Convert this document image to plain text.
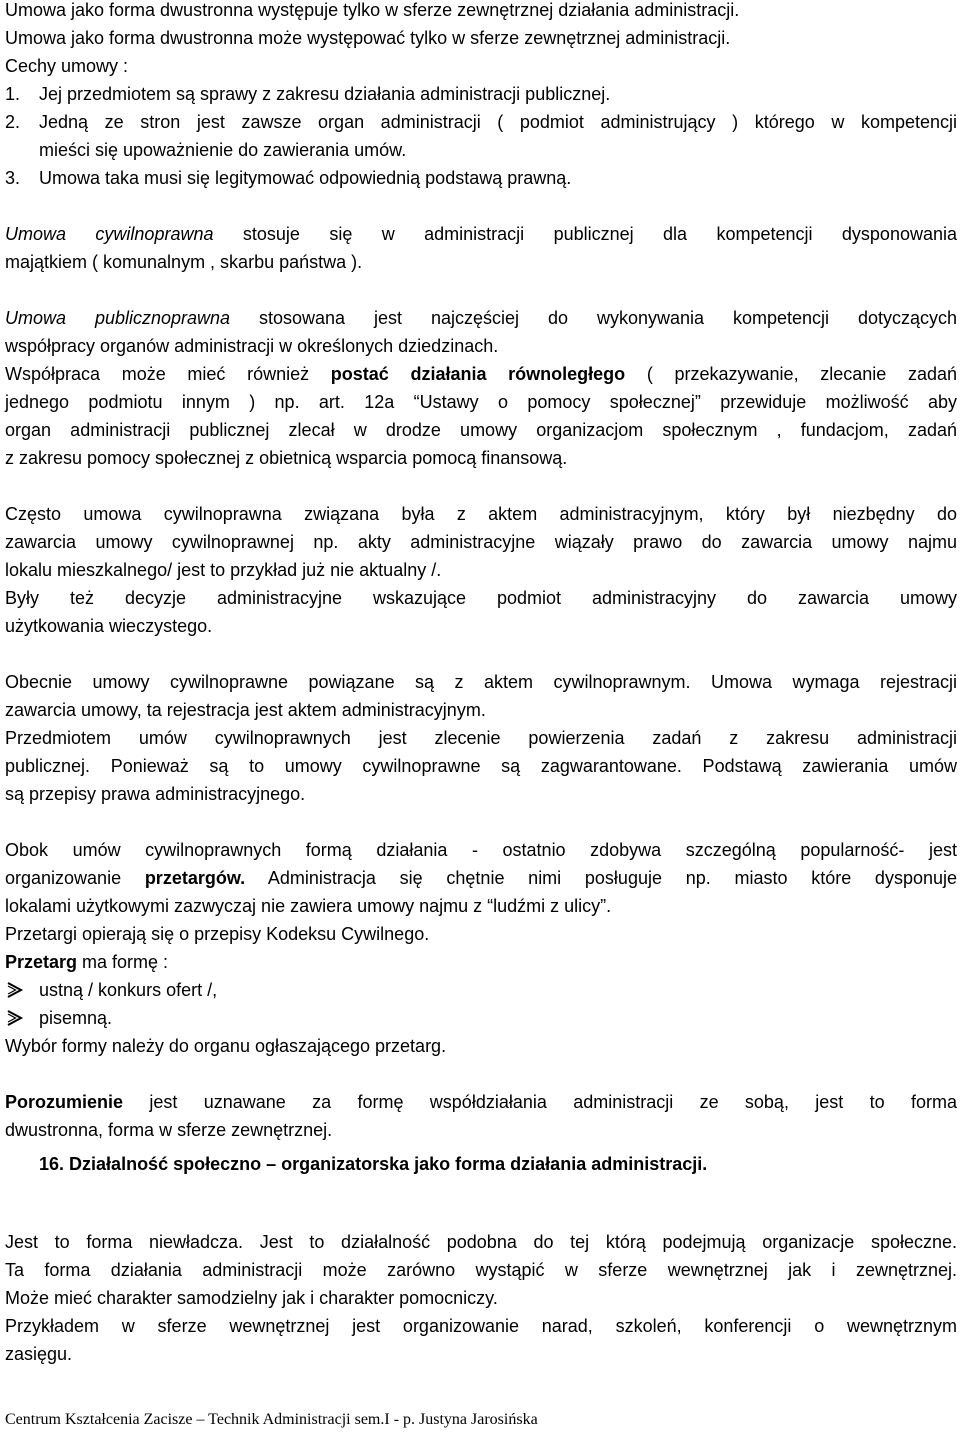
Umowa jako forma dwustronna występuje tylko w sferze zewnętrznej działania administracji.
Umowa jako forma dwustronna może występować tylko w sferze zewnętrznej administracji.
Cechy umowy :
1. Jej przedmiotem są sprawy z zakresu działania administracji publicznej.
2. Jedną ze stron jest zawsze organ administracji ( podmiot administrujący ) którego w kompetencji
mieści się upoważnienie do zawierania umów.
3. Umowa taka musi się legitymować odpowiednią podstawą prawną.
Umowa cywilnoprawna stosuje się w administracji publicznej dla kompetencji dysponowania
majątkiem ( komunalnym , skarbu państwa ).
Umowa publicznoprawna stosowana jest najczęściej do wykonywania kompetencji dotyczących
współpracy organów administracji w określonych dziedzinach.
Współpraca może mieć również postać działania równoległego ( przekazywanie, zlecanie zadań
jednego podmiotu innym ) np. art. 12a “Ustawy o pomocy społecznej” przewiduje możliwość aby
organ administracji publicznej zlecał w drodze umowy organizacjom społecznym , fundacjom, zadań
z zakresu pomocy społecznej z obietnicą wsparcia pomocą finansową.
Często umowa cywilnoprawna związana była z aktem administracyjnym, który był niezbędny do
zawarcia umowy cywilnoprawnej np. akty administracyjne wiązały prawo do zawarcia umowy najmu
lokalu mieszkalnego/ jest to przykład już nie aktualny /.
Były też decyzje administracyjne wskazujące podmiot administracyjny do zawarcia umowy
użytkowania wieczystego.
Obecnie umowy cywilnoprawne powiązane są z aktem cywilnoprawnym. Umowa wymaga rejestracji
zawarcia umowy, ta rejestracja jest aktem administracyjnym.
Przedmiotem umów cywilnoprawnych jest zlecenie powierzenia zadań z zakresu administracji
publicznej. Ponieważ są to umowy cywilnoprawne są zagwarantowane. Podstawą zawierania umów
są przepisy prawa administracyjnego.
Obok umów cywilnoprawnych formą działania - ostatnio zdobywa szczególną popularność- jest
organizowanie przetargów. Administracja się chętnie nimi posługuje np. miasto które dysponuje
lokalami użytkowymi zazwyczaj nie zawiera umowy najmu z “ludźmi z ulicy”.
Przetargi opierają się o przepisy Kodeksu Cywilnego.
Przetarg ma formę :
ustną / konkurs ofert /,
pisemną.
Wybór formy należy do organu ogłaszającego przetarg.
Porozumienie jest uznawane za formę współdziałania administracji ze sobą, jest to forma
dwustronna, forma w sferze zewnętrznej.
16. Działalność społeczno – organizatorska jako forma działania administracji.
Jest to forma niewładcza. Jest to działalność podobna do tej którą podejmują organizacje społeczne.
Ta forma działania administracji może zarówno wystąpić w sferze wewnętrznej jak i zewnętrznej.
Może mieć charakter samodzielny jak i charakter pomocniczy.
Przykładem w sferze wewnętrznej jest organizowanie narad, szkoleń, konferencji o wewnętrznym
zasięgu.
Centrum Kształcenia Zacisze – Technik Administracji sem.I - p. Justyna Jarosińska
